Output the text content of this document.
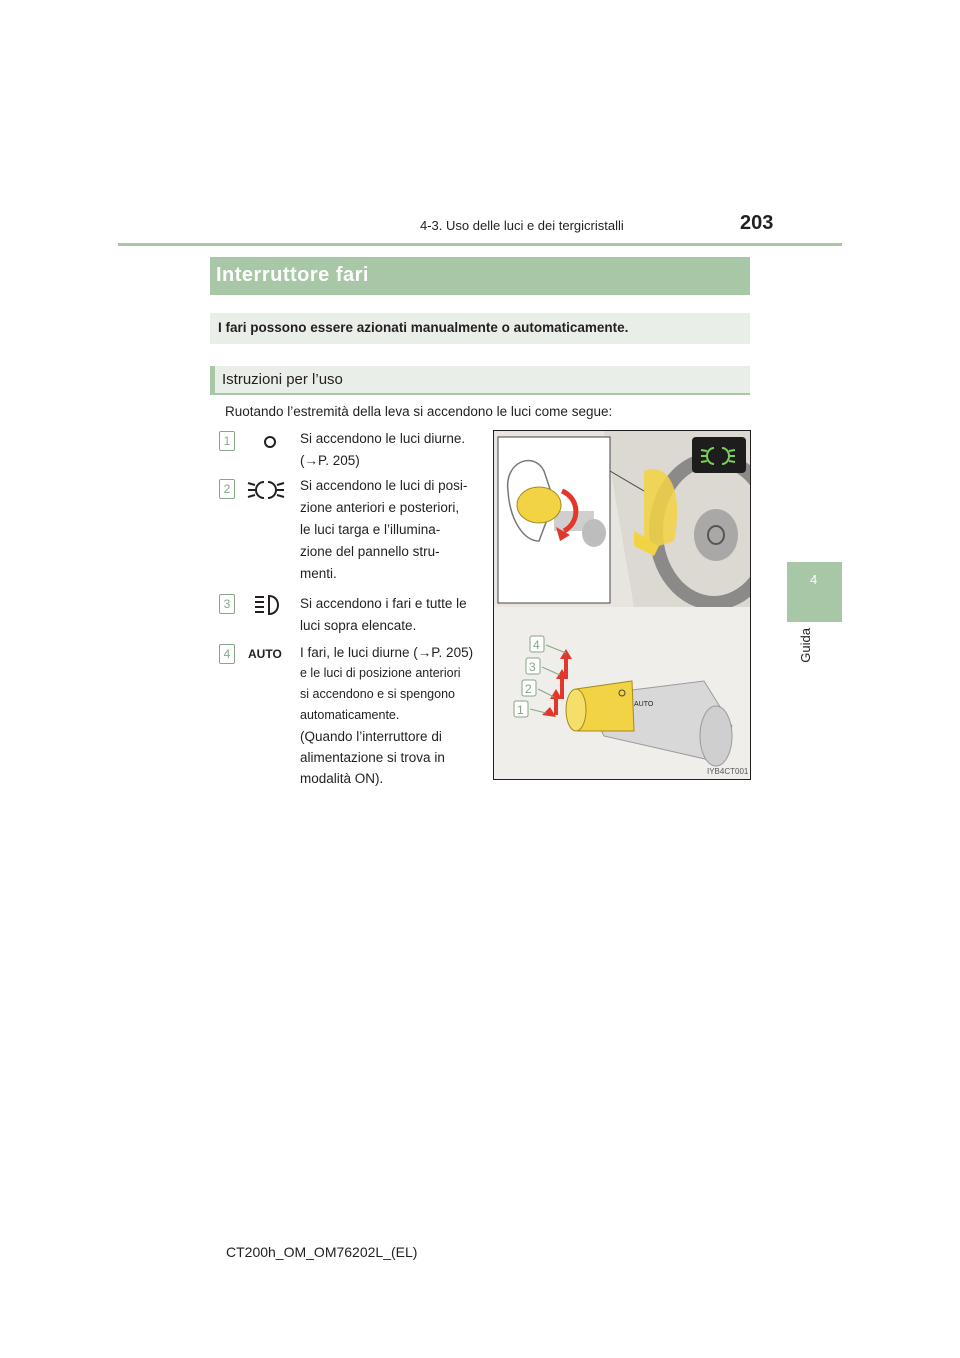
4-3. Uso delle luci e dei tergicristalli	203
4
Guida
Interruttore fari
I fari possono essere azionati manualmente o automaticamente.
Istruzioni per l’uso
Ruotando l’estremità della leva si accendono le luci come segue:
1	Si accendono le luci diurne.
(→P. 205)
2	Si accendono le luci di posi-
zione anteriori e posteriori,
le luci targa e l’illumina-
zione del pannello stru-
menti.
3	Si accendono i fari e tutte le
luci sopra elencate.
4	AUTO I fari, le luci diurne (→P. 205)
e le luci di posizione anteriori
si accendono e si spengono
automaticamente.
(Quando l’interruttore di
alimentazione si trova in
modalità ON).
AUTO
4
3
2
1
IYB4CT001
CT200h_OM_OM76202L_(EL)
